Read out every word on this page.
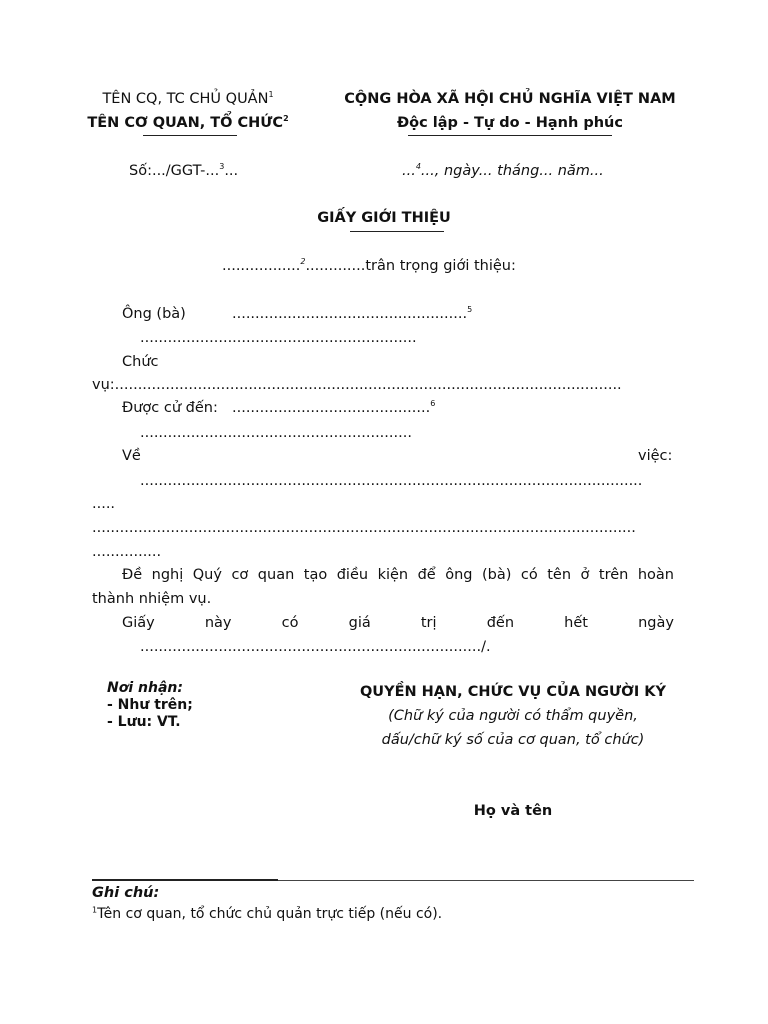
TÊN CQ, TC CHỦ QUẢN$^1$
TÊN CƠ QUAN, TỔ CHỨC$^2$
CỘNG HÒA XÃ HỘI CHỦ NGHĨA VIỆT NAM
Độc lập - Tự do - Hạnh phúc
Số:.../GGT-...$^3$...	...$^4$..., ngày... tháng... năm...
GIẤY GIỚI THIỆU
.................$^2$.............trân trọng giới thiệu:
Ông (bà)	...................................................$^5$
............................................................
Chức
vụ:..............................................................................................................
Được cử đến: ...........................................$^6$
...........................................................
Về	việc:
.............................................................................................................
.....
......................................................................................................................
...............
Đề nghị Quý cơ quan tạo điều kiện để ông (bà) có tên ở trên hoàn
thành nhiệm vụ.
Giấy	này	có	giá	trị	đến	hết	ngày
........................................................................../.
Nơi nhận:
- Như trên;
- Lưu: VT.
QUYỀN HẠN, CHỨC VỤ CỦA NGƯỜI KÝ
(Chữ ký của người có thẩm quyền,
dấu/chữ ký số của cơ quan, tổ chức)
Họ và tên
Ghi chú:
$^1$Tên cơ quan, tổ chức chủ quản trực tiếp (nếu có).
